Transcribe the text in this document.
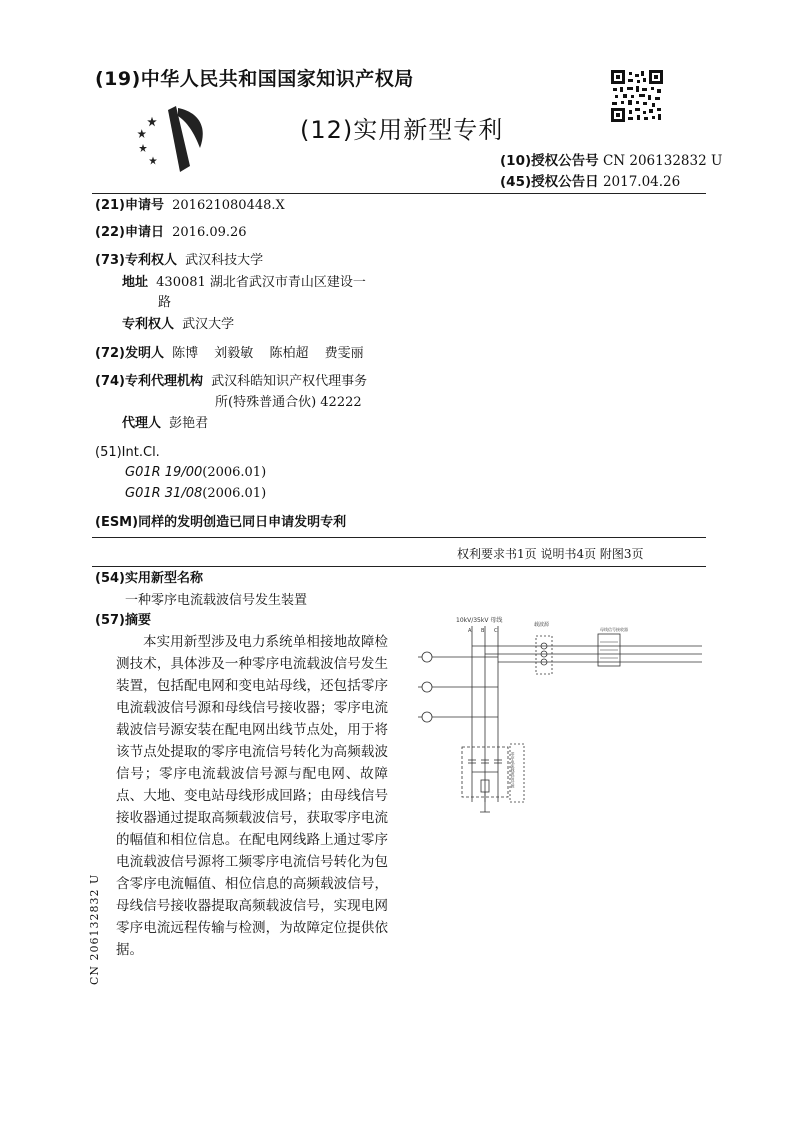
(19)中华人民共和国国家知识产权局
(12)实用新型专利
(10)授权公告号 CN 206132832 U
(45)授权公告日 2017.04.26
(21)申请号 201621080448.X
(22)申请日 2016.09.26
(73)专利权人 武汉科技大学
地址 430081 湖北省武汉市青山区建设一
路
专利权人 武汉大学
(72)发明人 陈博 刘毅敏 陈柏超 费雯丽
(74)专利代理机构 武汉科皓知识产权代理事务
所(特殊普通合伙) 42222
代理人 彭艳君
(51)Int.Cl.
G01R 19/00(2006.01)
G01R 31/08(2006.01)
(ESM)同样的发明创造已同日申请发明专利
权利要求书1页 说明书4页 附图3页
(54)实用新型名称
一种零序电流载波信号发生装置
(57)摘要
本实用新型涉及电力系统单相接地故障检测技术，具体涉及一种零序电流载波信号发生装置，包括配电网和变电站母线，还包括零序电流载波信号源和母线信号接收器；零序电流载波信号源安装在配电网出线节点处，用于将该节点处提取的零序电流信号转化为高频载波信号；零序电流载波信号源与配电网、故障点、大地、变电站母线形成回路；由母线信号接收器通过提取高频载波信号，获取零序电流的幅值和相位信息。在配电网线路上通过零序电流载波信号源将工频零序电流信号转化为包含零序电流幅值、相位信息的高频载波信号，母线信号接收器提取高频载波信号，实现电网零序电流远程传输与检测，为故障定位提供依据。
10kV/35kV 母线
A B C
载波源
母线信号接收器
零序电流载波信号源
CN 206132832 U
